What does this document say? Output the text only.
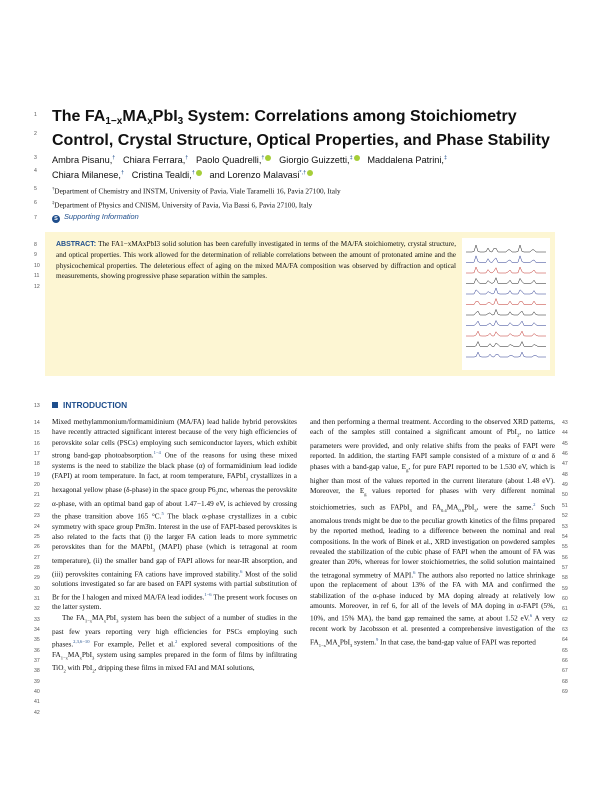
1
2
3
4
5
6
7
8
9
10
11
12
13
14
15
16
17
18
19
20
21
22
23
24
25
26
27
28
29
30
31
32
33
34
35
36
37
38
39
40
41
42
43
44
45
46
47
48
49
50
51
52
53
54
55
56
57
58
59
60
61
62
63
64
65
66
67
68
69
The $FA_{1-x}MA_xPbI_3$ System: Correlations among Stoichiometry
Control, Crystal Structure, Optical Properties, and Phase Stability
Ambra Pisanu,† Chiara Ferrara,† Paolo Quadrelli,† Giorgio Guizzetti,‡ Maddalena Patrini,‡
Chiara Milanese,† Cristina Tealdi,† and Lorenzo Malavasi*,†
†Department of Chemistry and INSTM, University of Pavia, Viale Taramelli 16, Pavia 27100, Italy
‡Department of Physics and CNISM, University of Pavia, Via Bassi 6, Pavia 27100, Italy
S Supporting Information
ABSTRACT: The FA1−xMAxPbI3 solid solution has been carefully investigated in terms of the MA/FA stoichiometry, crystal structure, and optical properties. This work allowed for the determination of reliable correlations between the amount of protonated amine and the physicochemical properties. The deleterious effect of aging on the mixed MA/FA composition was observed by diffraction and optical measurements, showing progressive phase separation within the samples.
INTRODUCTION

Mixed methylammonium/formamidinium (MA/FA) lead halide hybrid perovskites have recently attracted significant interest because of the very high efficiencies of perovskite solar cells (PSCs) employing such semiconductor layers, which exhibit strong band-gap photoabsorption.$^{1-4}$ One of the reasons for using these mixed systems is the need to stabilize the black phase (α) of formamidinium lead iodide (FAPI) at room temperature. In fact, at room temperature, FAPbI$_3$ crystallizes in a hexagonal yellow phase (δ-phase) in the space group $P6_3mc$, whereas the perovskite α-phase, with an optimal band gap of about 1.47−1.49 eV, is achieved by crossing the phase transition above 165 °C.$^5$ The black α-phase crystallizes in a cubic symmetry with space group Pm3̄m. Interest in the use of FAPI-based perovskites is also related to the facts that (i) the larger FA cation leads to more symmetric perovskites than for the MAPbI$_3$ (MAPI) phase (which is tetragonal at room temperature), (ii) the smaller band gap of FAPI allows for near-IR absorption, and (iii) perovskites containing FA cations have improved stability.$^6$ Most of the solid solutions investigated so far are based on FAPI systems with partial substitution of Br for the I halogen and mixed MA/FA lead iodides.$^{1-6}$ The present work focuses on the latter system.

The $FA_{1-x}MA_xPbI_3$ system has been the subject of a number of studies in the past few years reporting very high efficiencies for PSCs employing such phases.$^{2,3,6-10}$ For example, Pellet et al.$^2$ explored several compositions of the $FA_{1-x}MA_xPbI_3$ system using samples prepared in the form of films by infiltrating TiO$_2$ with PbI$_2$, dripping these films in mixed FAI and MAI solutions,

and then performing a thermal treatment. According to the observed XRD patterns, each of the samples still contained a significant amount of PbI$_2$, no lattice parameters were provided, and only relative shifts from the peaks of FAPI were reported. In addition, the starting FAPI sample consisted of a mixture of α and δ phases with a band-gap value, $E_g$, for pure FAPI reported to be 1.530 eV, which is higher than most of the values reported in the current literature (about 1.48 eV). Moreover, the $E_g$ values reported for phases with very different nominal stoichiometries, such as FAPbI$_3$ and $FA_{0.4}MA_{0.6}PbI_3$, were the same.$^2$ Such anomalous trends might be due to the peculiar growth kinetics of the films prepared by the reported method, leading to a difference between the nominal and real compositions. In the work of Binek et al., XRD investigation on powdered samples revealed the stabilization of the cubic phase of FAPI when the amount of FA was greater than 20%, whereas for lower stoichiometries, the solid solution maintained the tetragonal symmetry of MAPI.$^6$ The authors also reported no lattice shrinkage upon the replacement of about 13% of the FA with MA and confirmed the stabilization of the α-phase induced by MA doping already at relatively low amounts. Moreover, in ref 6, for all of the levels of MA doping in α-FAPI (5%, 10%, and 15% MA), the band gap remained the same, at about 1.52 eV.$^6$ A very recent work by Jacobsson et al. presented a comprehensive investigation of the $FA_{1-x}MA_xPbI_3$ system.$^9$ In that case, the band-gap value of FAPI was reported
